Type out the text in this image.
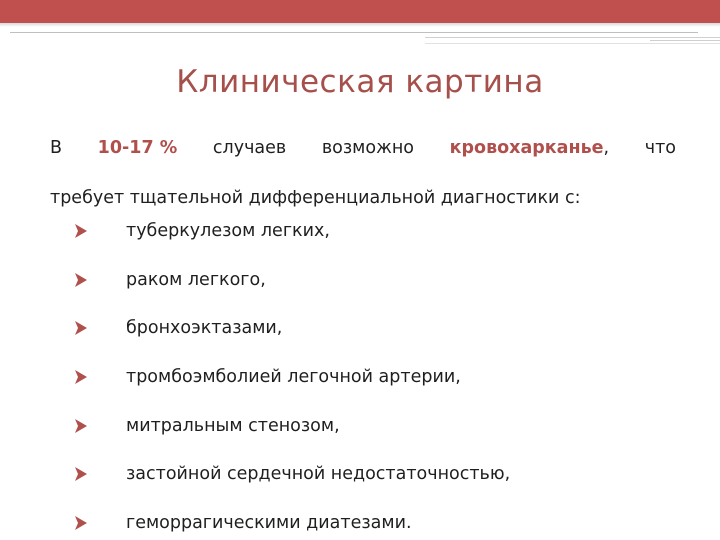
Клиническая картина
В 10-17 % случаев возможно кровохарканье, что
требует тщательной дифференциальной диагностики с:
туберкулезом легких,
раком легкого,
бронхоэктазами,
тромбоэмболией легочной артерии,
митральным стенозом,
застойной сердечной недостаточностью,
геморрагическими диатезами.
